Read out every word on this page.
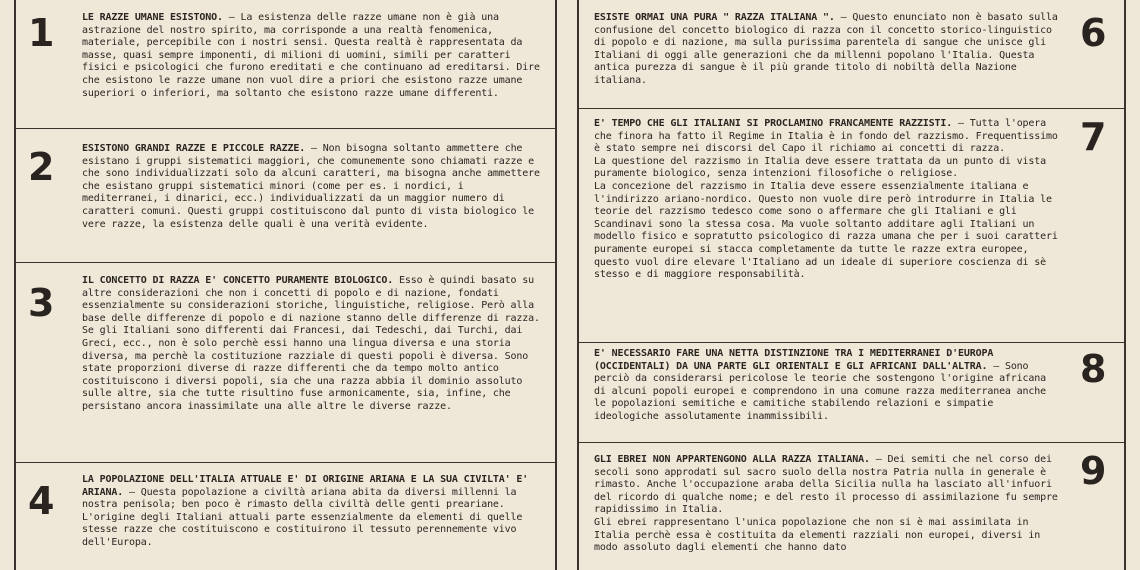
1	LE RAZZE UMANE ESISTONO. — La esistenza delle razze umane non è già una astrazione del nostro spirito, ma corrisponde a una realtà fenomenica, materiale, percepibile con i nostri sensi. Questa realtà è rappresentata da masse, quasi sempre imponenti, di milioni di uomini, simili per caratteri fisici e psicologici che furono ereditati e che continuano ad ereditarsi. Dire che esistono le razze umane non vuol dire a priori che esistono razze umane superiori o inferiori, ma soltanto che esistono razze umane differenti.

2	ESISTONO GRANDI RAZZE E PICCOLE RAZZE. — Non bisogna soltanto ammettere che esistano i gruppi sistematici maggiori, che comunemente sono chiamati razze e che sono individualizzati solo da alcuni caratteri, ma bisogna anche ammettere che esistano gruppi sistematici minori (come per es. i nordici, i mediterranei, i dinarici, ecc.) individualizzati da un maggior numero di caratteri comuni. Questi gruppi costituiscono dal punto di vista biologico le vere razze, la esistenza delle quali è una verità evidente.

3

IL CONCETTO DI RAZZA E' CONCETTO PURAMENTE BIOLOGICO. Esso è quindi basato su altre considerazioni che non i concetti di popolo e di nazione, fondati essenzialmente su considerazioni storiche, linguistiche, religiose. Però alla base delle differenze di popolo e di nazione stanno delle differenze di razza. Se gli Italiani sono differenti dai Francesi, dai Tedeschi, dai Turchi, dai Greci, ecc., non è solo perchè essi hanno una lingua diversa e una storia diversa, ma perchè la costituzione razziale di questi popoli è diversa. Sono state proporzioni diverse di razze differenti che da tempo molto antico costituiscono i diversi popoli, sia che una razza abbia il dominio assoluto sulle altre, sia che tutte risultino fuse armonicamente, sia, infine, che persistano ancora inassimilate una alle altre le diverse razze.

4	LA POPOLAZIONE DELL'ITALIA ATTUALE E' DI ORIGINE ARIANA E LA SUA CIVILTA' E' ARIANA. — Questa popolazione a civiltà ariana abita da diversi millenni la nostra penisola; ben poco è rimasto della civiltà delle genti preariane. L'origine degli Italiani attuali parte essenzialmente da elementi di quelle stesse razze che costituiscono e costituirono il tessuto perennemente vivo dell'Europa.

6

ESISTE ORMAI UNA PURA " RAZZA ITALIANA ". — Questo enunciato non è basato sulla confusione del concetto biologico di razza con il concetto storico-linguistico di popolo e di nazione, ma sulla purissima parentela di sangue che unisce gli Italiani di oggi alle generazioni che da millenni popolano l'Italia. Questa antica purezza di sangue è il più grande titolo di nobiltà della Nazione italiana.

7

E' TEMPO CHE GLI ITALIANI SI PROCLAMINO FRANCAMENTE RAZZISTI. — Tutta l'opera che finora ha fatto il Regime in Italia è in fondo del razzismo. Frequentissimo è stato sempre nei discorsi del Capo il richiamo ai concetti di razza.

La questione del razzismo in Italia deve essere trattata da un punto di vista puramente biologico, senza intenzioni filosofiche o religiose.

La concezione del razzismo in Italia deve essere essenzialmente italiana e l'indirizzo ariano-nordico. Questo non vuole dire però introdurre in Italia le teorie del razzismo tedesco come sono o affermare che gli Italiani e gli Scandinavi sono la stessa cosa. Ma vuole soltanto additare agli Italiani un modello fisico e sopratutto psicologico di razza umana che per i suoi caratteri puramente europei si stacca completamente da tutte le razze extra europee, questo vuol dire elevare l'Italiano ad un ideale di superiore coscienza di sè stesso e di maggiore responsabilità.

8

E' NECESSARIO FARE UNA NETTA DISTINZIONE TRA I MEDITERRANEI D'EUROPA (OCCIDENTALI) DA UNA PARTE GLI ORIENTALI E GLI AFRICANI DALL'ALTRA. — Sono perciò da considerarsi pericolose le teorie che sostengono l'origine africana di alcuni popoli europei e comprendono in una comune razza mediterranea anche le popolazioni semitiche e camitiche stabilendo relazioni e simpatie ideologiche assolutamente inammissibili.

9

GLI EBREI NON APPARTENGONO ALLA RAZZA ITALIANA. — Dei semiti che nel corso dei secoli sono approdati sul sacro suolo della nostra Patria nulla in generale è rimasto. Anche l'occupazione araba della Sicilia nulla ha lasciato all'infuori del ricordo di qualche nome; e del resto il processo di assimilazione fu sempre rapidissimo in Italia.

Gli ebrei rappresentano l'unica popolazione che non si è mai assimilata in Italia perchè essa è costituita da elementi razziali non europei, diversi in modo assoluto dagli elementi che hanno dato
